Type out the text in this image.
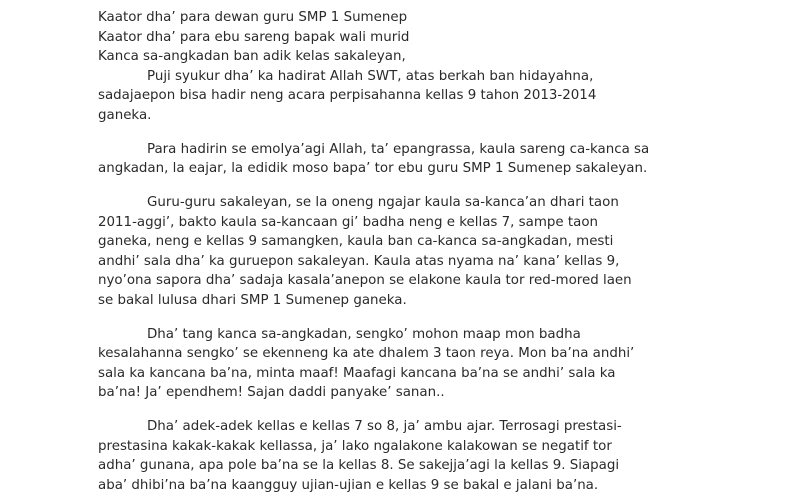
Kaator dha’ para dewan guru SMP 1 Sumenep

Kaator dha’ para ebu sareng bapak wali murid

Kanca sa-angkadan ban adik kelas sakaleyan,

Puji syukur dha’ ka hadirat Allah SWT, atas berkah ban hidayahna,
sadajaepon bisa hadir neng acara perpisahanna kellas 9 tahon 2013-2014
ganeka.
Para hadirin se emolya’agi Allah, ta’ epangrassa, kaula sareng ca-kanca sa
angkadan, la eajar, la edidik moso bapa’ tor ebu guru SMP 1 Sumenep sakaleyan.
Guru-guru sakaleyan, se la oneng ngajar kaula sa-kanca’an dhari taon
2011-aggi’, bakto kaula sa-kancaan gi’ badha neng e kellas 7, sampe taon
ganeka, neng e kellas 9 samangken, kaula ban ca-kanca sa-angkadan, mesti
andhi’ sala dha’ ka guruepon sakaleyan. Kaula atas nyama na’ kana’ kellas 9,
nyo’ona sapora dha’ sadaja kasala’anepon se elakone kaula tor red-mored laen
se bakal lulusa dhari SMP 1 Sumenep ganeka.
Dha’ tang kanca sa-angkadan, sengko’ mohon maap mon badha
kesalahanna sengko’ se ekenneng ka ate dhalem 3 taon reya. Mon ba’na andhi’
sala ka kancana ba’na, minta maaf! Maafagi kancana ba’na se andhi’ sala ka
ba’na! Ja’ ependhem! Sajan daddi panyake’ sanan..
Dha’ adek-adek kellas e kellas 7 so 8, ja’ ambu ajar. Terrosagi prestasi-
prestasina kakak-kakak kellassa, ja’ lako ngalakone kalakowan se negatif tor
adha’ gunana, apa pole ba’na se la kellas 8. Se sakejja’agi la kellas 9. Siapagi
aba’ dhibi’na ba’na kaangguy ujian-ujian e kellas 9 se bakal e jalani ba’na.
